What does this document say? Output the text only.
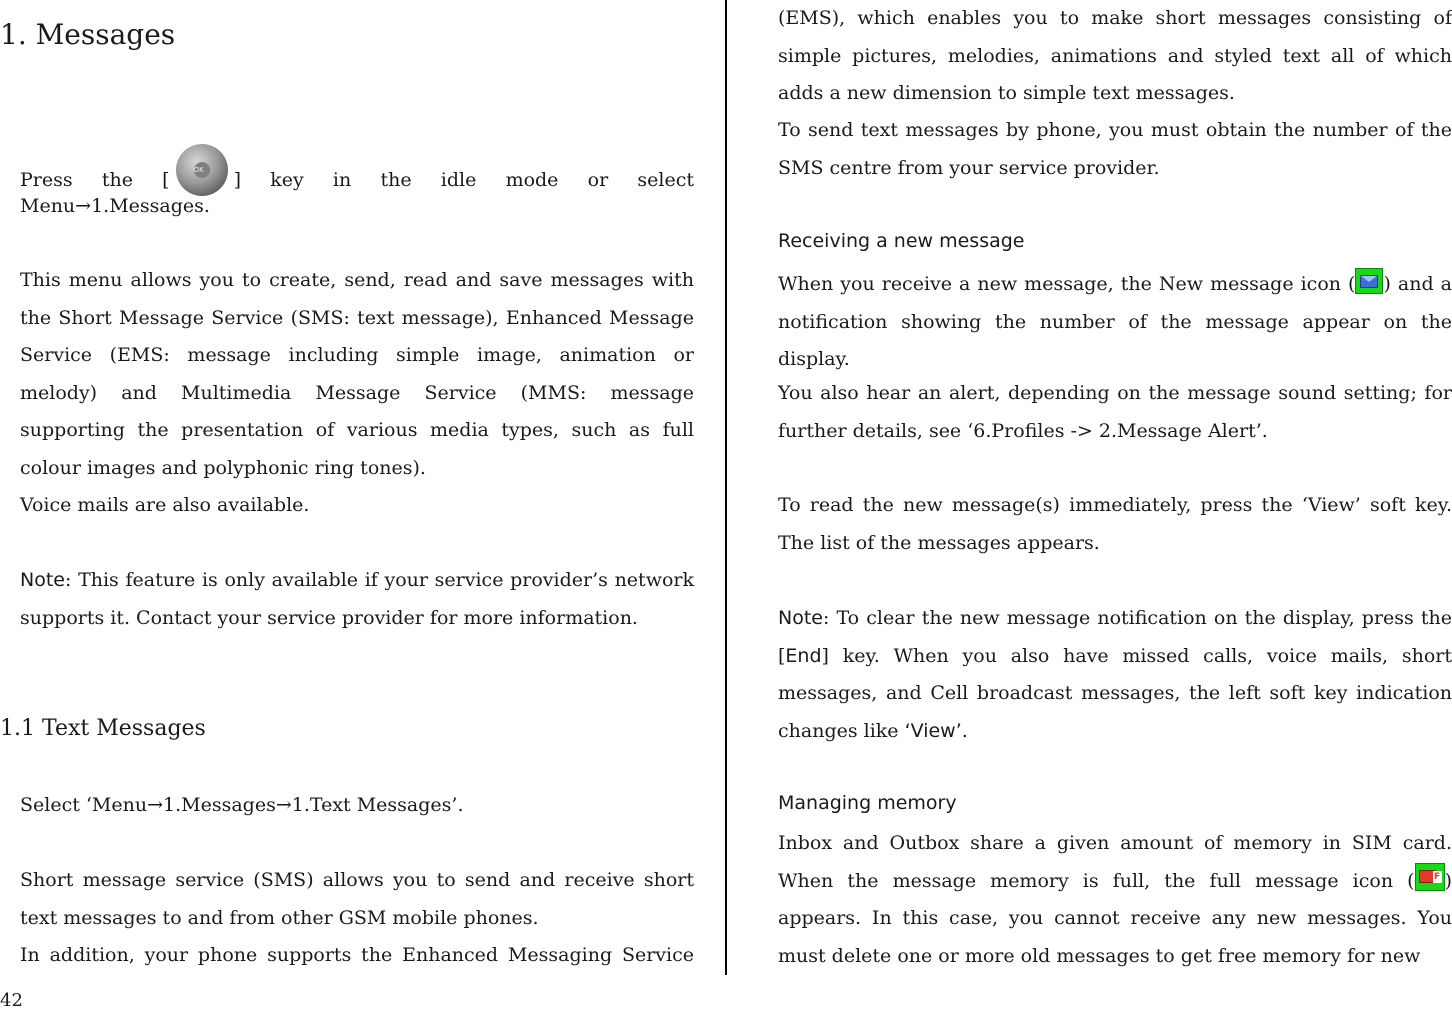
1. Messages

Press the [	OK	] key in the idle mode or select

Menu→1.Messages.

This menu allows you to create, send, read and save messages with the Short Message Service (SMS: text message), Enhanced Message Service (EMS: message including simple image, animation or melody) and Multimedia Message Service (MMS: message supporting the presentation of various media types, such as full colour images and polyphonic ring tones).

Voice mails are also available.

Note: This feature is only available if your service provider’s network supports it. Contact your service provider for more information.

1.1 Text Messages

Select ‘Menu→1.Messages→1.Text Messages’.

Short message service (SMS) allows you to send and receive short text messages to and from other GSM mobile phones.

In addition, your phone supports the Enhanced Messaging Service

42

(EMS), which enables you to make short messages consisting of simple pictures, melodies, animations and styled text all of which adds a new dimension to simple text messages.

To send text messages by phone, you must obtain the number of the SMS centre from your service provider.

Receiving a new message

When you receive a new message, the New message icon ( ) and a notification showing the number of the message appear on the display.

You also hear an alert, depending on the message sound setting; for further details, see ‘6.Profiles -> 2.Message Alert’.

To read the new message(s) immediately, press the ‘View’ soft key. The list of the messages appears.

Note: To clear the new message notification on the display, press the [End] key. When you also have missed calls, voice mails, short messages, and Cell broadcast messages, the left soft key indication changes like ‘View’.

Managing memory

Inbox and Outbox share a given amount of memory in SIM card. When the message memory is full, the full message icon ( F ) appears. In this case, you cannot receive any new messages. You must delete one or more old messages to get free memory for new
